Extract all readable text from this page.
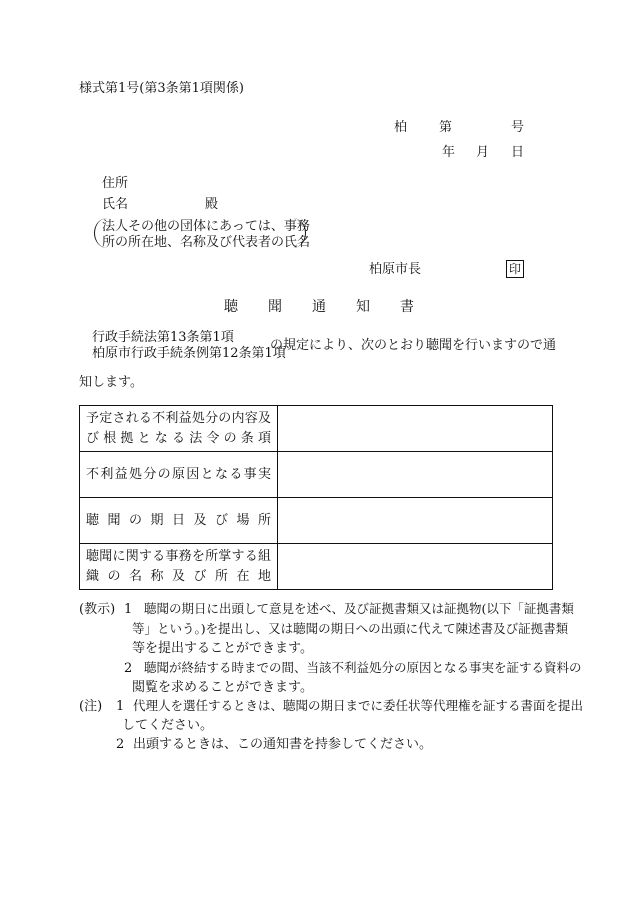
様式第1号(第3条第1項関係)
柏 第	号
年 月 日
住所
氏名	殿
法人その他の団体にあっては、事務
所の所在地、名称及び代表者の氏名
柏原市長	印
聴 聞 通 知 書
行政手続法第13条第1項
柏原市行政手続条例第12条第1項
の規定により、次のとおり聴聞を行いますので通
知します。
予定される不利益処分の内容及
び根拠となる法令の条項	

不利益処分の原因となる事実	

聴聞の期日及び場所	

聴聞に関する事務を所掌する組
織の名称及び所在地	

(教示) 1 聴聞の期日に出頭して意見を述べ、及び証拠書類又は証拠物(以下「証拠書類
等」という。)を提出し、又は聴聞の期日への出頭に代えて陳述書及び証拠書類
等を提出することができます。
2 聴聞が終結する時までの間、当該不利益処分の原因となる事実を証する資料の
閲覧を求めることができます。
(注) 1 代理人を選任するときは、聴聞の期日までに委任状等代理権を証する書面を提出
してください。
2 出頭するときは、この通知書を持参してください。
